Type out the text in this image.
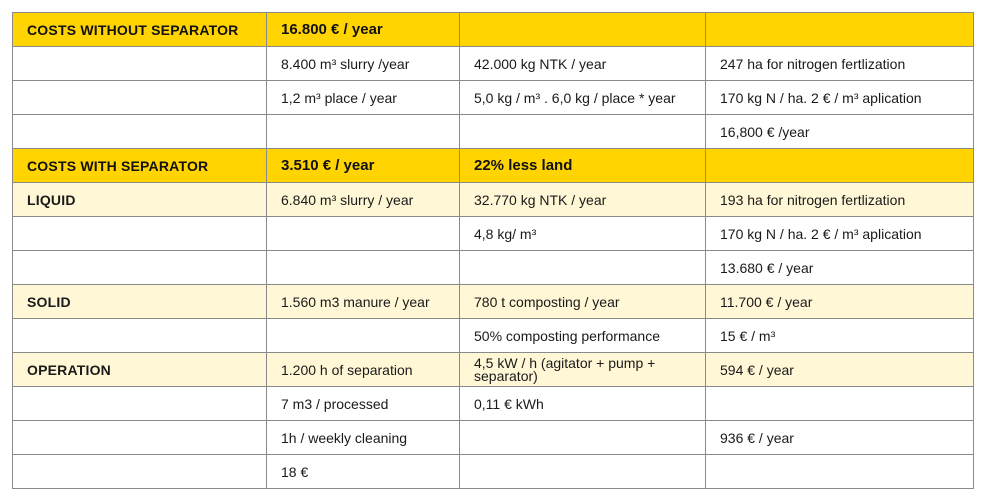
COSTS WITHOUT SEPARATOR	16.800 € / year		
	8.400 m³ slurry /year	42.000 kg NTK / year	247 ha for nitrogen fertlization
	1,2 m³ place / year	5,0 kg / m³ . 6,0 kg / place * year	170 kg N / ha. 2 € / m³ aplication
			16,800 € /year
COSTS WITH SEPARATOR	3.510 € / year	22% less land	
LIQUID	6.840 m³ slurry / year	32.770 kg NTK / year	193 ha for nitrogen fertlization
		4,8 kg/ m³	170 kg N / ha. 2 € / m³ aplication
			13.680 € / year
SOLID	1.560 m3 manure / year	780 t composting / year	11.700 € / year
		50% composting performance	15 € / m³
OPERATION	1.200 h of separation	4,5 kW / h (agitator + pump + separator)	594 € / year
	7 m3 / processed	0,11 € kWh	
	1h / weekly cleaning		936 € / year
	18 €		
